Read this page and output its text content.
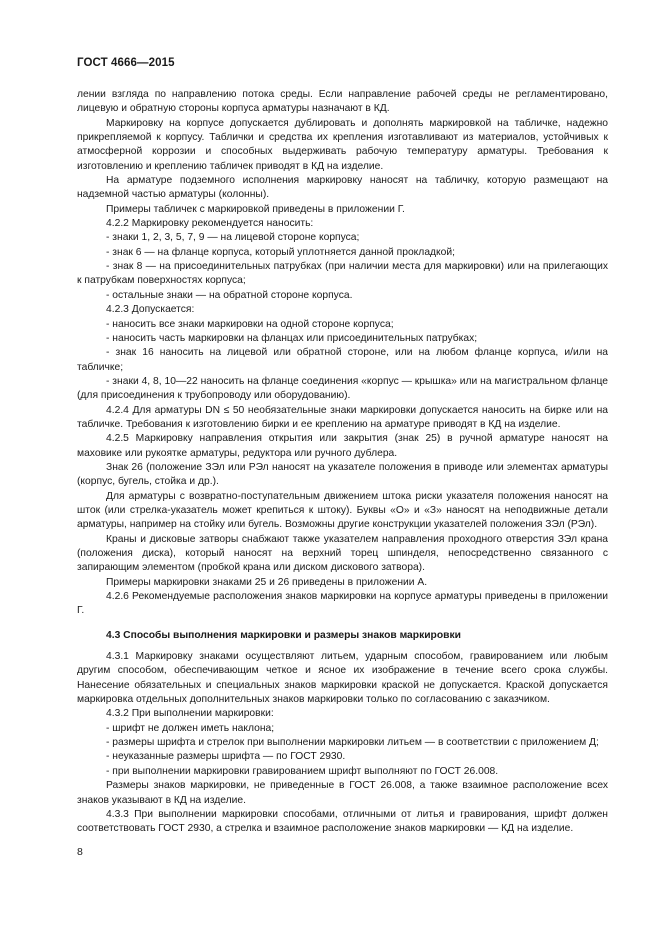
ГОСТ 4666—2015

лении взгляда по направлению потока среды. Если направление рабочей среды не регламентировано, лицевую и обратную стороны корпуса арматуры назначают в КД.

Маркировку на корпусе допускается дублировать и дополнять маркировкой на табличке, надежно прикрепляемой к корпусу. Таблички и средства их крепления изготавливают из материалов, устойчивых к атмосферной коррозии и способных выдерживать рабочую температуру арматуры. Требования к изготовлению и креплению табличек приводят в КД на изделие.

На арматуре подземного исполнения маркировку наносят на табличку, которую размещают на надземной частью арматуры (колонны).

Примеры табличек с маркировкой приведены в приложении Г.

4.2.2 Маркировку рекомендуется наносить:

- знаки 1, 2, 3, 5, 7, 9 — на лицевой стороне корпуса;

- знак 6 — на фланце корпуса, который уплотняется данной прокладкой;

- знак 8 — на присоединительных патрубках (при наличии места для маркировки) или на прилегающих к патрубкам поверхностях корпуса;

- остальные знаки — на обратной стороне корпуса.

4.2.3 Допускается:

- наносить все знаки маркировки на одной стороне корпуса;

- наносить часть маркировки на фланцах или присоединительных патрубках;

- знак 16 наносить на лицевой или обратной стороне, или на любом фланце корпуса, и/или на табличке;

- знаки 4, 8, 10—22 наносить на фланце соединения «корпус — крышка» или на магистральном фланце (для присоединения к трубопроводу или оборудованию).

4.2.4 Для арматуры DN ≤ 50 необязательные знаки маркировки допускается наносить на бирке или на табличке. Требования к изготовлению бирки и ее креплению на арматуре приводят в КД на изделие.

4.2.5 Маркировку направления открытия или закрытия (знак 25) в ручной арматуре наносят на маховике или рукоятке арматуры, редуктора или ручного дублера.

Знак 26 (положение ЗЭл или РЭл наносят на указателе положения в приводе или элементах арматуры (корпус, бугель, стойка и др.).

Для арматуры с возвратно-поступательным движением штока риски указателя положения наносят на шток (или стрелка-указатель может крепиться к штоку). Буквы «О» и «З» наносят на неподвижные детали арматуры, например на стойку или бугель. Возможны другие конструкции указателей положения ЗЭл (РЭл).

Краны и дисковые затворы снабжают также указателем направления проходного отверстия ЗЭл крана (положения диска), который наносят на верхний торец шпинделя, непосредственно связанного с запирающим элементом (пробкой крана или диском дискового затвора).

Примеры маркировки знаками 25 и 26 приведены в приложении А.

4.2.6 Рекомендуемые расположения знаков маркировки на корпусе арматуры приведены в приложении Г.

4.3 Способы выполнения маркировки и размеры знаков маркировки

4.3.1 Маркировку знаками осуществляют литьем, ударным способом, гравированием или любым другим способом, обеспечивающим четкое и ясное их изображение в течение всего срока службы. Нанесение обязательных и специальных знаков маркировки краской не допускается. Краской допускается маркировка отдельных дополнительных знаков маркировки только по согласованию с заказчиком.

4.3.2 При выполнении маркировки:

- шрифт не должен иметь наклона;

- размеры шрифта и стрелок при выполнении маркировки литьем — в соответствии с приложением Д;

- неуказанные размеры шрифта — по ГОСТ 2930.

- при выполнении маркировки гравированием шрифт выполняют по ГОСТ 26.008.

Размеры знаков маркировки, не приведенные в ГОСТ 26.008, а также взаимное расположение всех знаков указывают в КД на изделие.

4.3.3 При выполнении маркировки способами, отличными от литья и гравирования, шрифт должен соответствовать ГОСТ 2930, а стрелка и взаимное расположение знаков маркировки — КД на изделие.

8
